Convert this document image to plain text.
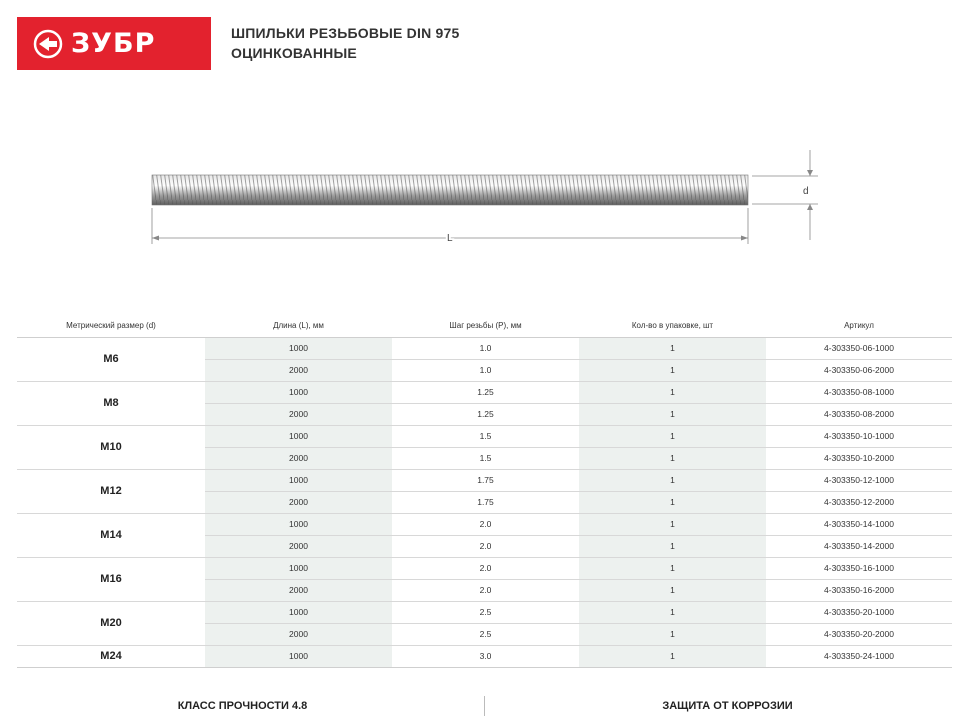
ЗУБР	ШПИЛЬКИ РЕЗЬБОВЫЕ DIN 975
ОЦИНКОВАННЫЕ
d
L
Метрический размер (d)	Длина (L), мм	Шаг резьбы (Р), мм	Кол-во в упаковке, шт	Артикул
М6	1000	1.0	1	4-303350-06-1000
	2000	1.0	1	4-303350-06-2000
М8	1000	1.25	1	4-303350-08-1000
	2000	1.25	1	4-303350-08-2000
М10	1000	1.5	1	4-303350-10-1000
	2000	1.5	1	4-303350-10-2000
М12	1000	1.75	1	4-303350-12-1000
	2000	1.75	1	4-303350-12-2000
М14	1000	2.0	1	4-303350-14-1000
	2000	2.0	1	4-303350-14-2000
М16	1000	2.0	1	4-303350-16-1000
	2000	2.0	1	4-303350-16-2000
М20	1000	2.5	1	4-303350-20-1000
	2000	2.5	1	4-303350-20-2000
М24	1000	3.0	1	4-303350-24-1000
КЛАСС ПРОЧНОСТИ 4.8	ЗАЩИТА ОТ КОРРОЗИИ
